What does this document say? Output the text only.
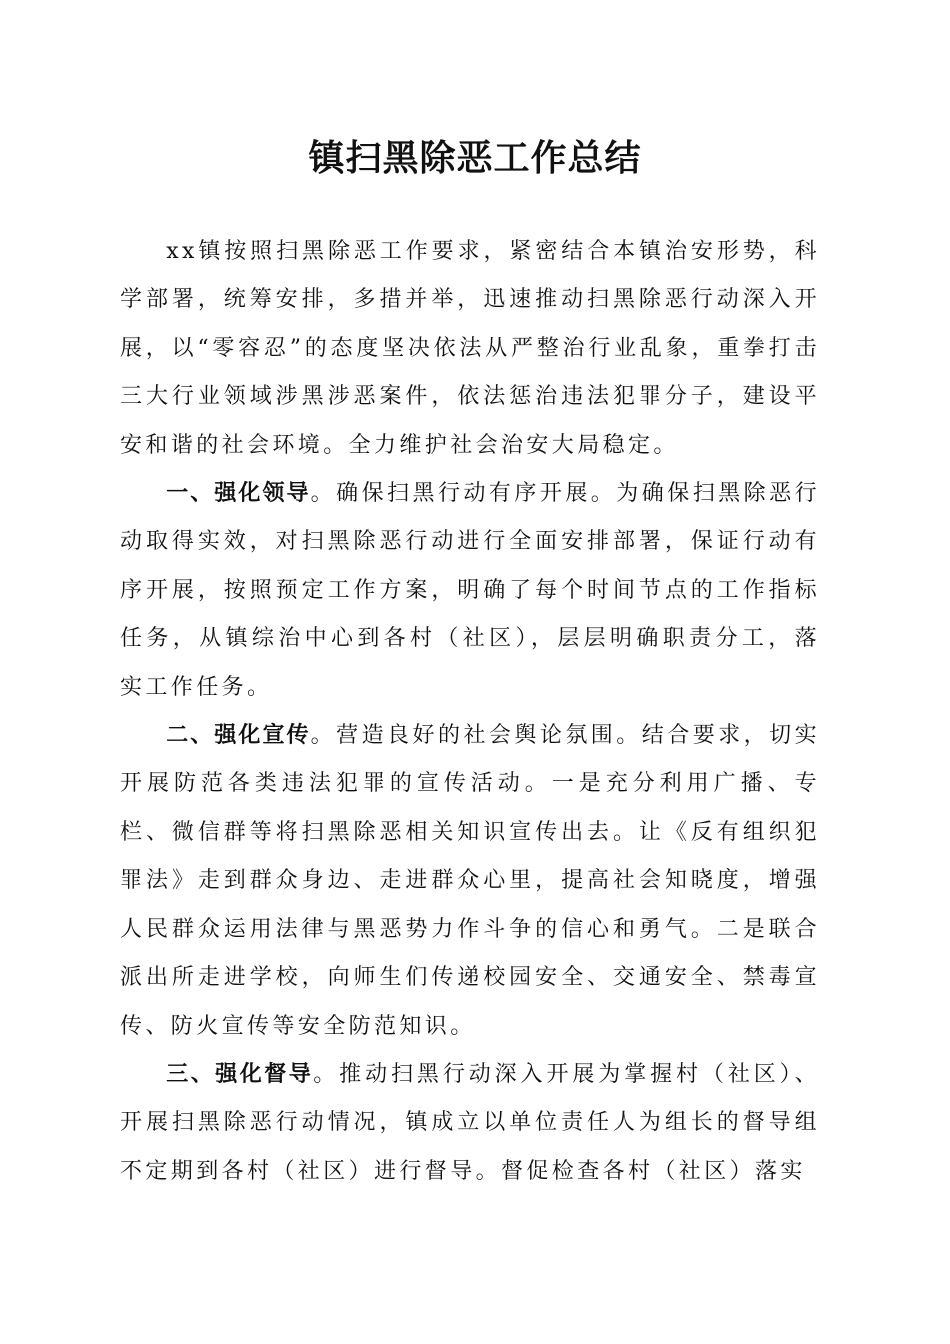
镇扫黑除恶工作总结

xx镇按照扫黑除恶工作要求，紧密结合本镇治安形势，科学部署，统筹安排，多措并举，迅速推动扫黑除恶行动深入开展，以“零容忍”的态度坚决依法从严整治行业乱象，重拳打击三大行业领域涉黑涉恶案件，依法惩治违法犯罪分子，建设平安和谐的社会环境。全力维护社会治安大局稳定。

一、强化领导。确保扫黑行动有序开展。为确保扫黑除恶行动取得实效，对扫黑除恶行动进行全面安排部署，保证行动有序开展，按照预定工作方案，明确了每个时间节点的工作指标任务，从镇综治中心到各村（社区），层层明确职责分工，落实工作任务。

二、强化宣传。营造良好的社会舆论氛围。结合要求，切实开展防范各类违法犯罪的宣传活动。一是充分利用广播、专栏、微信群等将扫黑除恶相关知识宣传出去。让《反有组织犯罪法》走到群众身边、走进群众心里，提高社会知晓度，增强人民群众运用法律与黑恶势力作斗争的信心和勇气。二是联合派出所走进学校，向师生们传递校园安全、交通安全、禁毒宣传、防火宣传等安全防范知识。

三、强化督导。推动扫黑行动深入开展为掌握村（社区）、开展扫黑除恶行动情况，镇成立以单位责任人为组长的督导组不定期到各村（社区）进行督导。督促检查各村（社区）落实
